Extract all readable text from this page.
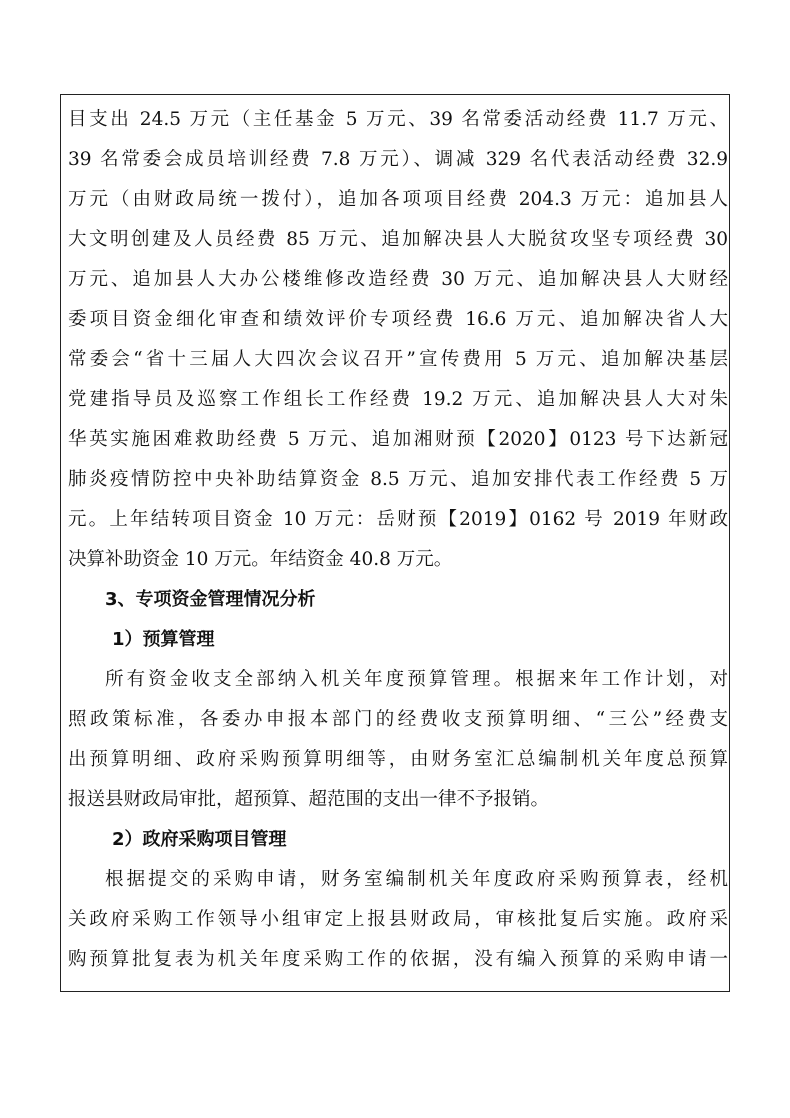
目支出 24.5 万元（主任基金 5 万元、39 名常委活动经费 11.7 万元、
39 名常委会成员培训经费 7.8 万元）、调减 329 名代表活动经费 32.9
万元（由财政局统一拨付），追加各项项目经费 204.3 万元：追加县人
大文明创建及人员经费 85 万元、追加解决县人大脱贫攻坚专项经费 30
万元、追加县人大办公楼维修改造经费 30 万元、追加解决县人大财经
委项目资金细化审查和绩效评价专项经费 16.6 万元、追加解决省人大
常委会“省十三届人大四次会议召开”宣传费用 5 万元、追加解决基层
党建指导员及巡察工作组长工作经费 19.2 万元、追加解决县人大对朱
华英实施困难救助经费 5 万元、追加湘财预【2020】0123 号下达新冠
肺炎疫情防控中央补助结算资金 8.5 万元、追加安排代表工作经费 5 万
元。上年结转项目资金 10 万元：岳财预【2019】0162 号 2019 年财政
决算补助资金 10 万元。年结资金 40.8 万元。
3、专项资金管理情况分析
1）预算管理
所有资金收支全部纳入机关年度预算管理。根据来年工作计划，对
照政策标准，各委办申报本部门的经费收支预算明细、“三公”经费支
出预算明细、政府采购预算明细等，由财务室汇总编制机关年度总预算
报送县财政局审批，超预算、超范围的支出一律不予报销。
2）政府采购项目管理
根据提交的采购申请，财务室编制机关年度政府采购预算表，经机
关政府采购工作领导小组审定上报县财政局，审核批复后实施。政府采
购预算批复表为机关年度采购工作的依据，没有编入预算的采购申请一
